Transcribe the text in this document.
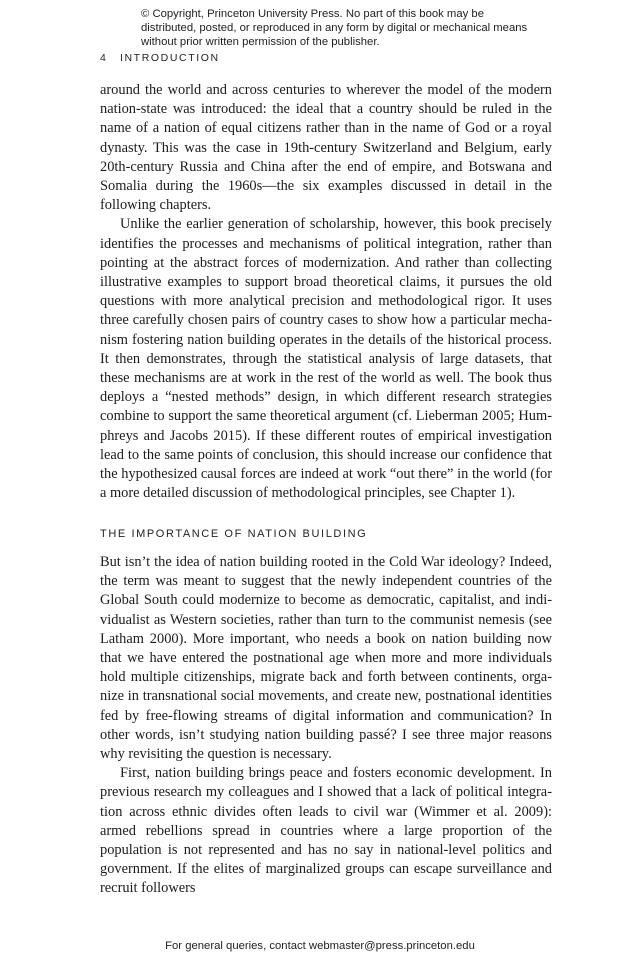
© Copyright, Princeton University Press. No part of this book may be distributed, posted, or reproduced in any form by digital or mechanical means without prior written permission of the publisher.
4 INTRODUCTION

around the world and across centuries to wherever the model of the modern nation-state was introduced: the ideal that a country should be ruled in the name of a nation of equal citizens rather than in the name of God or a royal dynasty. This was the case in 19th-century Switzerland and Belgium, early 20th-century Russia and China after the end of empire, and Botswana and Somalia during the 1960s—the six examples discussed in detail in the following chapters.

Unlike the earlier generation of scholarship, however, this book precisely identifies the processes and mechanisms of political integration, rather than pointing at the abstract forces of modernization. And rather than collecting illustrative examples to support broad theoretical claims, it pursues the old questions with more analytical precision and methodological rigor. It uses three carefully chosen pairs of country cases to show how a particular mechanism fostering nation building operates in the details of the historical process. It then demonstrates, through the statistical analysis of large datasets, that these mechanisms are at work in the rest of the world as well. The book thus deploys a “nested methods” design, in which different research strategies combine to support the same theoretical argument (cf. Lieberman 2005; Humphreys and Jacobs 2015). If these different routes of empirical investigation lead to the same points of conclusion, this should increase our confidence that the hypothesized causal forces are indeed at work “out there” in the world (for a more detailed discussion of methodological principles, see Chapter 1).

THE IMPORTANCE OF NATION BUILDING

But isn’t the idea of nation building rooted in the Cold War ideology? Indeed, the term was meant to suggest that the newly independent countries of the Global South could modernize to become as democratic, capitalist, and individualist as Western societies, rather than turn to the communist nemesis (see Latham 2000). More important, who needs a book on nation building now that we have entered the postnational age when more and more individuals hold multiple citizenships, migrate back and forth between continents, organize in transnational social movements, and create new, postnational identities fed by free-flowing streams of digital information and communication? In other words, isn’t studying nation building passé? I see three major reasons why revisiting the question is necessary.

First, nation building brings peace and fosters economic development. In previous research my colleagues and I showed that a lack of political integration across ethnic divides often leads to civil war (Wimmer et al. 2009): armed rebellions spread in countries where a large proportion of the population is not represented and has no say in national-level politics and government. If the elites of marginalized groups can escape surveillance and recruit followers

For general queries, contact webmaster@press.princeton.edu
